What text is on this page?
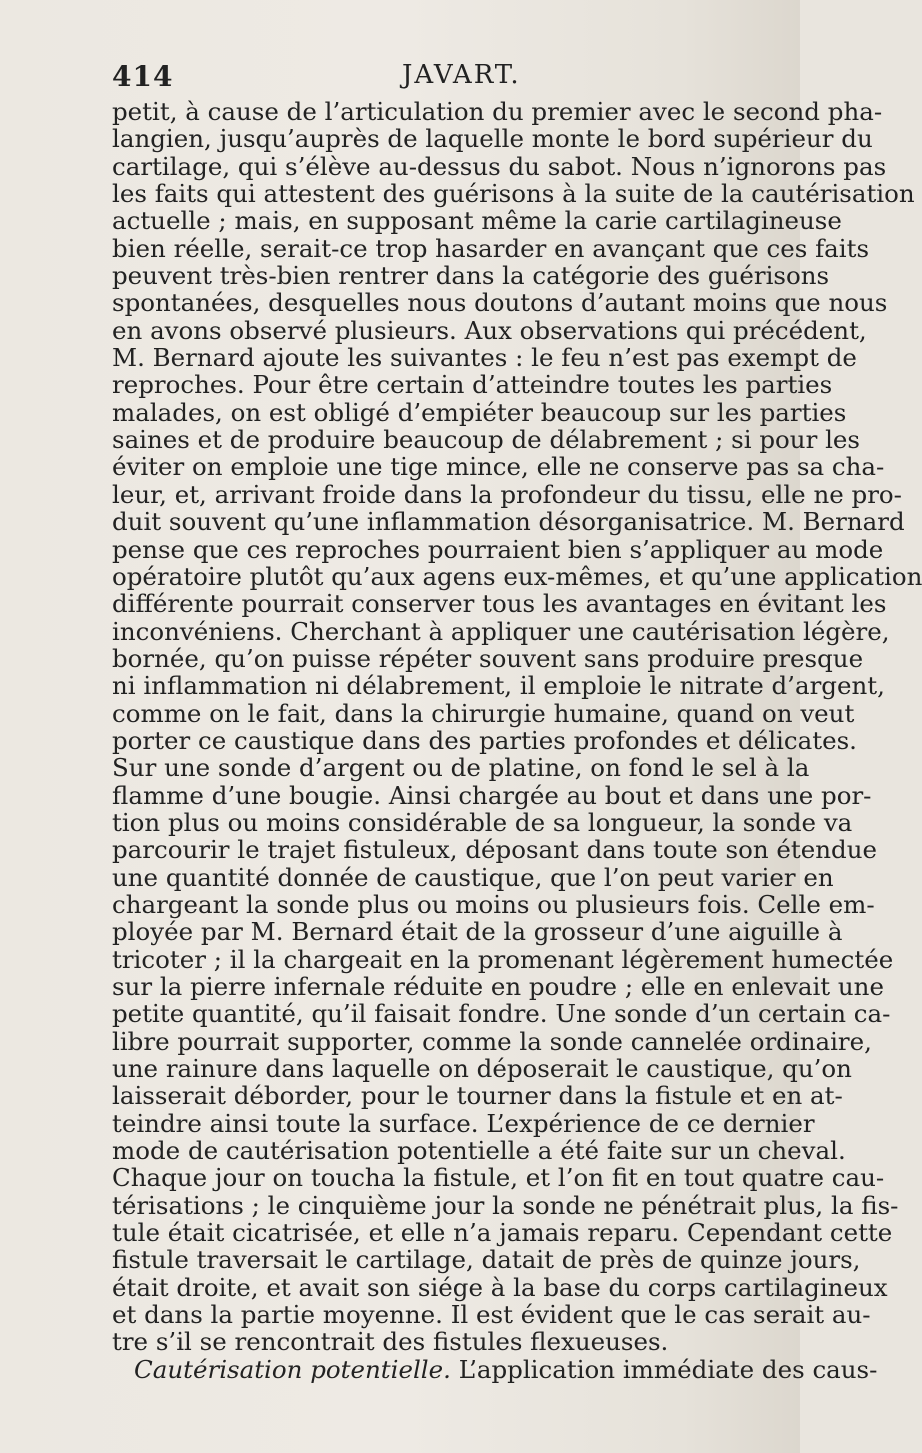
414	JAVART.
petit, à cause de l’articulation du premier avec le second pha-
langien, jusqu’auprès de laquelle monte le bord supérieur du
cartilage, qui s’élève au-dessus du sabot. Nous n’ignorons pas
les faits qui attestent des guérisons à la suite de la cautérisation
actuelle ; mais, en supposant même la carie cartilagineuse
bien réelle, serait-ce trop hasarder en avançant que ces faits
peuvent très-bien rentrer dans la catégorie des guérisons
spontanées, desquelles nous doutons d’autant moins que nous
en avons observé plusieurs. Aux observations qui précédent,
M. Bernard ajoute les suivantes : le feu n’est pas exempt de
reproches. Pour être certain d’atteindre toutes les parties
malades, on est obligé d’empiéter beaucoup sur les parties
saines et de produire beaucoup de délabrement ; si pour les
éviter on emploie une tige mince, elle ne conserve pas sa cha-
leur, et, arrivant froide dans la profondeur du tissu, elle ne pro-
duit souvent qu’une inflammation désorganisatrice. M. Bernard
pense que ces reproches pourraient bien s’appliquer au mode
opératoire plutôt qu’aux agens eux-mêmes, et qu’une application
différente pourrait conserver tous les avantages en évitant les
inconvéniens. Cherchant à appliquer une cautérisation légère,
bornée, qu’on puisse répéter souvent sans produire presque
ni inflammation ni délabrement, il emploie le nitrate d’argent,
comme on le fait, dans la chirurgie humaine, quand on veut
porter ce caustique dans des parties profondes et délicates.
Sur une sonde d’argent ou de platine, on fond le sel à la
flamme d’une bougie. Ainsi chargée au bout et dans une por-
tion plus ou moins considérable de sa longueur, la sonde va
parcourir le trajet fistuleux, déposant dans toute son étendue
une quantité donnée de caustique, que l’on peut varier en
chargeant la sonde plus ou moins ou plusieurs fois. Celle em-
ployée par M. Bernard était de la grosseur d’une aiguille à
tricoter ; il la chargeait en la promenant légèrement humectée
sur la pierre infernale réduite en poudre ; elle en enlevait une
petite quantité, qu’il faisait fondre. Une sonde d’un certain ca-
libre pourrait supporter, comme la sonde cannelée ordinaire,
une rainure dans laquelle on déposerait le caustique, qu’on
laisserait déborder, pour le tourner dans la fistule et en at-
teindre ainsi toute la surface. L’expérience de ce dernier
mode de cautérisation potentielle a été faite sur un cheval.
Chaque jour on toucha la fistule, et l’on fit en tout quatre cau-
térisations ; le cinquième jour la sonde ne pénétrait plus, la fis-
tule était cicatrisée, et elle n’a jamais reparu. Cependant cette
fistule traversait le cartilage, datait de près de quinze jours,
était droite, et avait son siége à la base du corps cartilagineux
et dans la partie moyenne. Il est évident que le cas serait au-
tre s’il se rencontrait des fistules flexueuses.
Cautérisation potentielle. L’application immédiate des caus-
